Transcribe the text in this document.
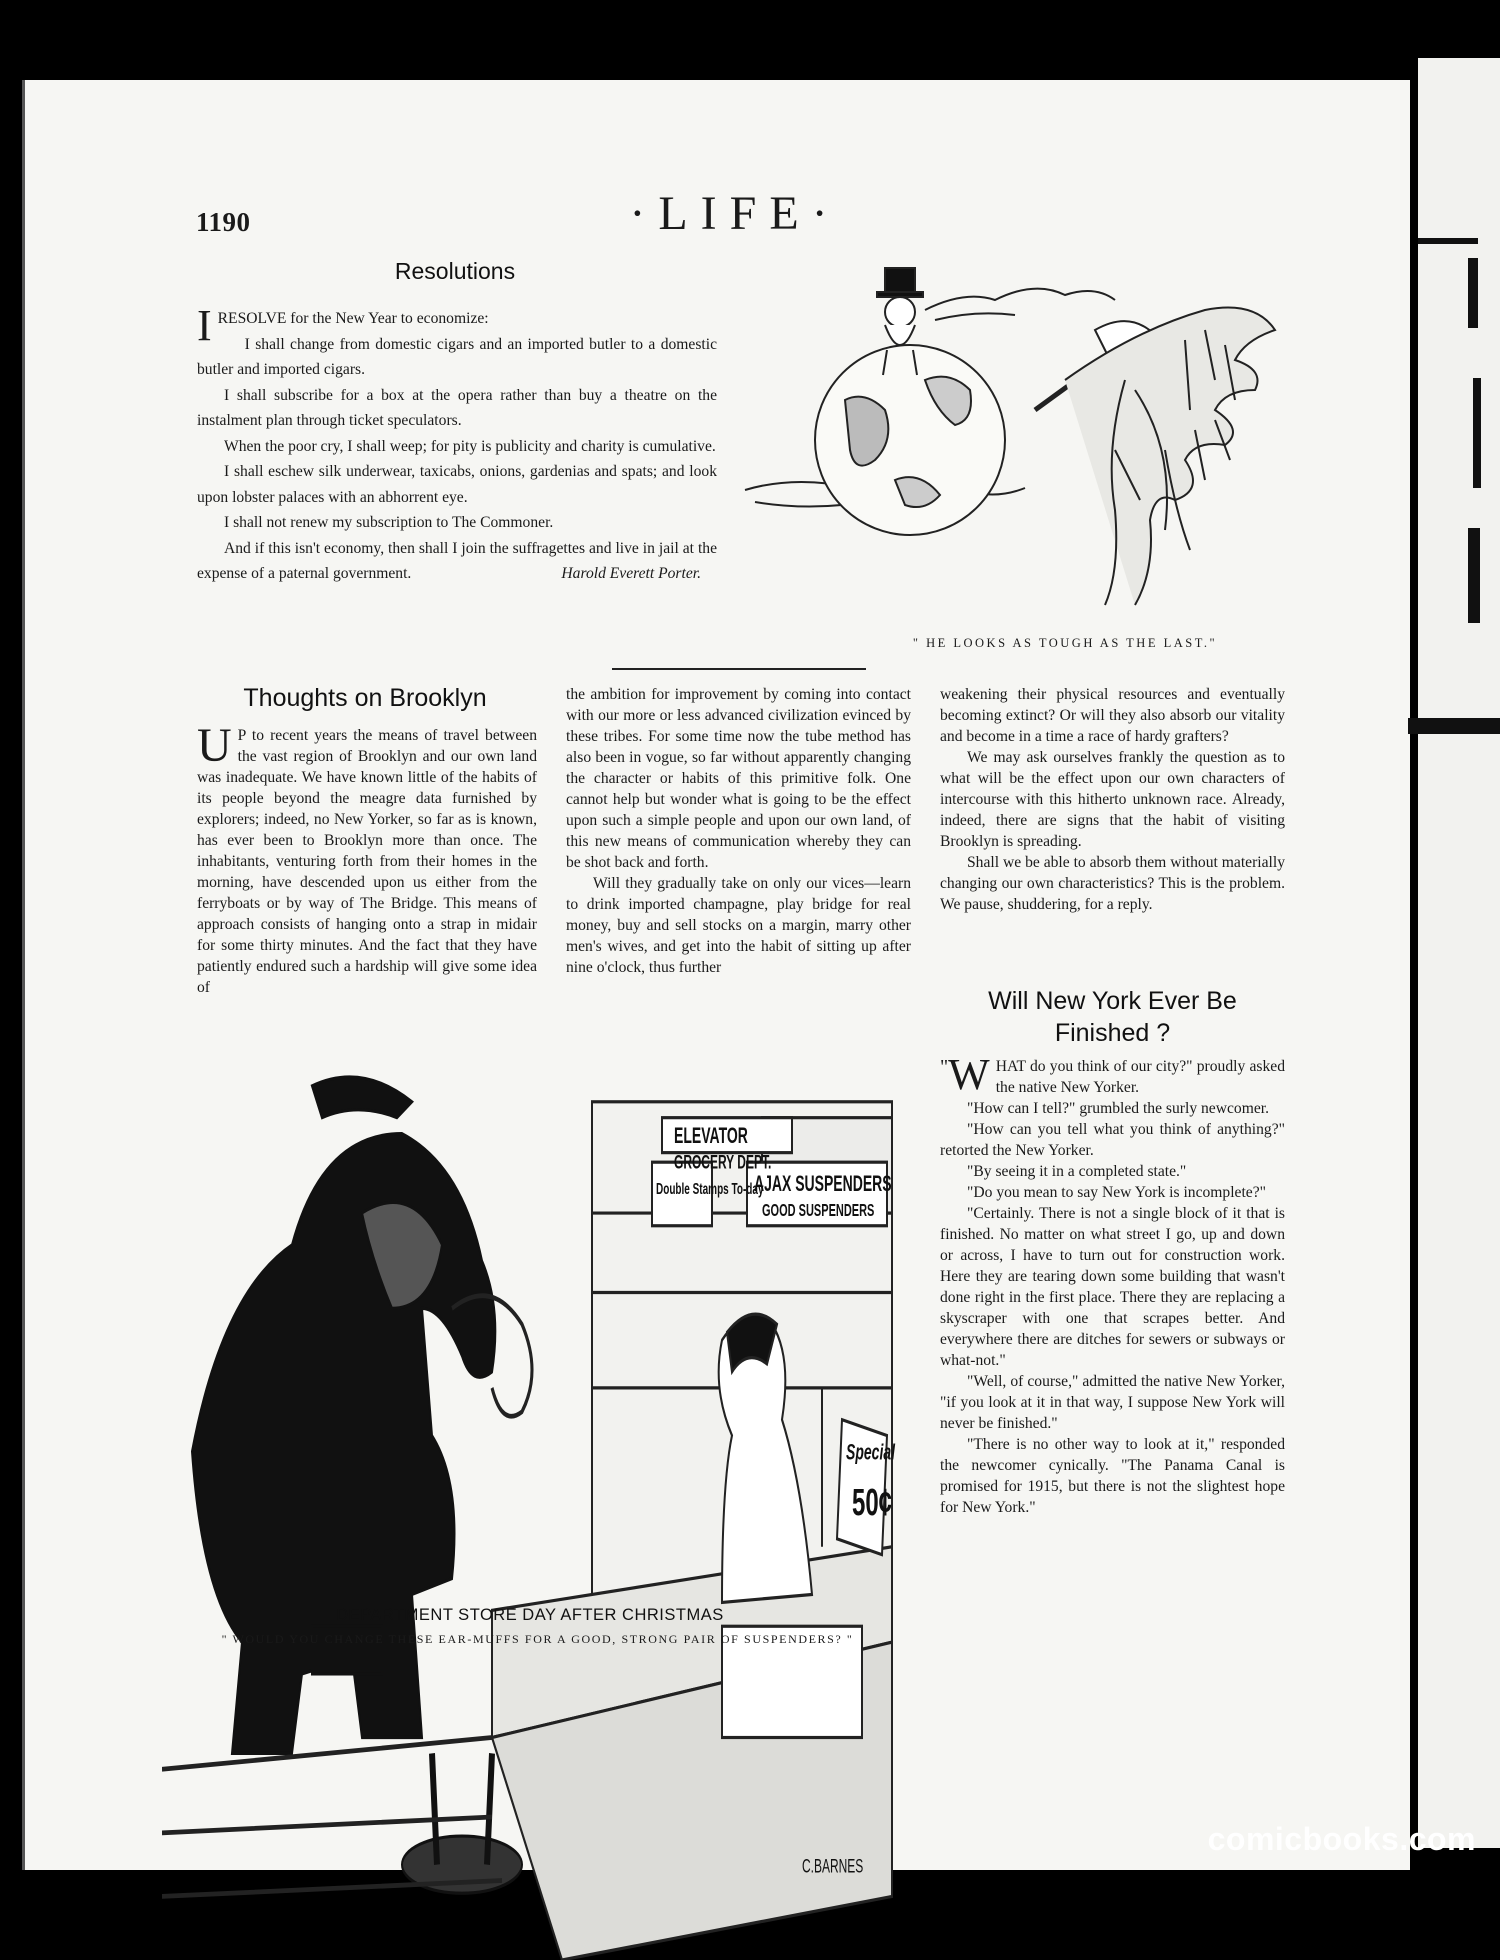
1190	·LIFE·
Resolutions

IRESOLVE for the New Year to economize:

I shall change from domestic cigars and an imported butler to a domestic butler and imported cigars.

I shall subscribe for a box at the opera rather than buy a theatre on the instalment plan through ticket speculators.

When the poor cry, I shall weep; for pity is publicity and charity is cumulative.

I shall eschew silk underwear, taxicabs, onions, gardenias and spats; and look upon lobster palaces with an abhorrent eye.

I shall not renew my subscription to The Commoner.

And if this isn't economy, then shall I join the suffragettes and live in jail at the expense of a paternal government.	Harold Everett Porter.

" HE LOOKS AS TOUGH AS THE LAST."
Thoughts on Brooklyn

U P to recent years the means of travel between the vast region of Brooklyn and our own land was inadequate. We have known little of the habits of its people beyond the meagre data furnished by explorers; indeed, no New Yorker, so far as is known, has ever been to Brooklyn more than once. The inhabitants, venturing forth from their homes in the morning, have descended upon us either from the ferryboats or by way of The Bridge. This means of approach consists of hanging onto a strap in midair for some thirty minutes. And the fact that they have patiently endured such a hardship will give some idea of

the ambition for improvement by coming into contact with our more or less advanced civilization evinced by these tribes. For some time now the tube method has also been in vogue, so far without apparently changing the character or habits of this primitive folk. One cannot help but wonder what is going to be the effect upon such a simple people and upon our own land, of this new means of communication whereby they can be shot back and forth.

Will they gradually take on only our vices—learn to drink imported champagne, play bridge for real money, buy and sell stocks on a margin, marry other men's wives, and get into the habit of sitting up after nine o'clock, thus further

weakening their physical resources and eventually becoming extinct? Or will they also absorb our vitality and become in a time a race of hardy grafters?

We may ask ourselves frankly the question as to what will be the effect upon our own characters of intercourse with this hitherto unknown race. Already, indeed, there are signs that the habit of visiting Brooklyn is spreading.

Shall we be able to absorb them without materially changing our own characteristics? This is the problem. We pause, shuddering, for a reply.

Will New York Ever Be
Finished ?

" W HAT do you think of our city?" proudly asked the native New Yorker.

"How can I tell?" grumbled the surly newcomer.

"How can you tell what you think of anything?" retorted the New Yorker.

"By seeing it in a completed state."

"Do you mean to say New York is incomplete?"

"Certainly. There is not a single block of it that is finished. No matter on what street I go, up and down or across, I have to turn out for construction work. Here they are tearing down some building that wasn't done right in the first place. There they are replacing a skyscraper with one that scrapes better. And everywhere there are ditches for sewers or subways or what-not."

"Well, of course," admitted the native New Yorker, "if you look at it in that way, I suppose New York will never be finished."

"There is no other way to look at it," responded the newcomer cynically. "The Panama Canal is promised for 1915, but there is not the slightest hope for New York."

ELEVATOR
GROCERY DEPT.
AJAX SUSPENDERS
GOOD SUSPENDERS
Double Stamps To-day
Special
50¢
C.BARNES
DEPARTMENT STORE DAY AFTER CHRISTMAS
" WOULD YOU CHANGE THESE EAR-MUFFS FOR A GOOD, STRONG PAIR OF SUSPENDERS? "
comicbooks.com
